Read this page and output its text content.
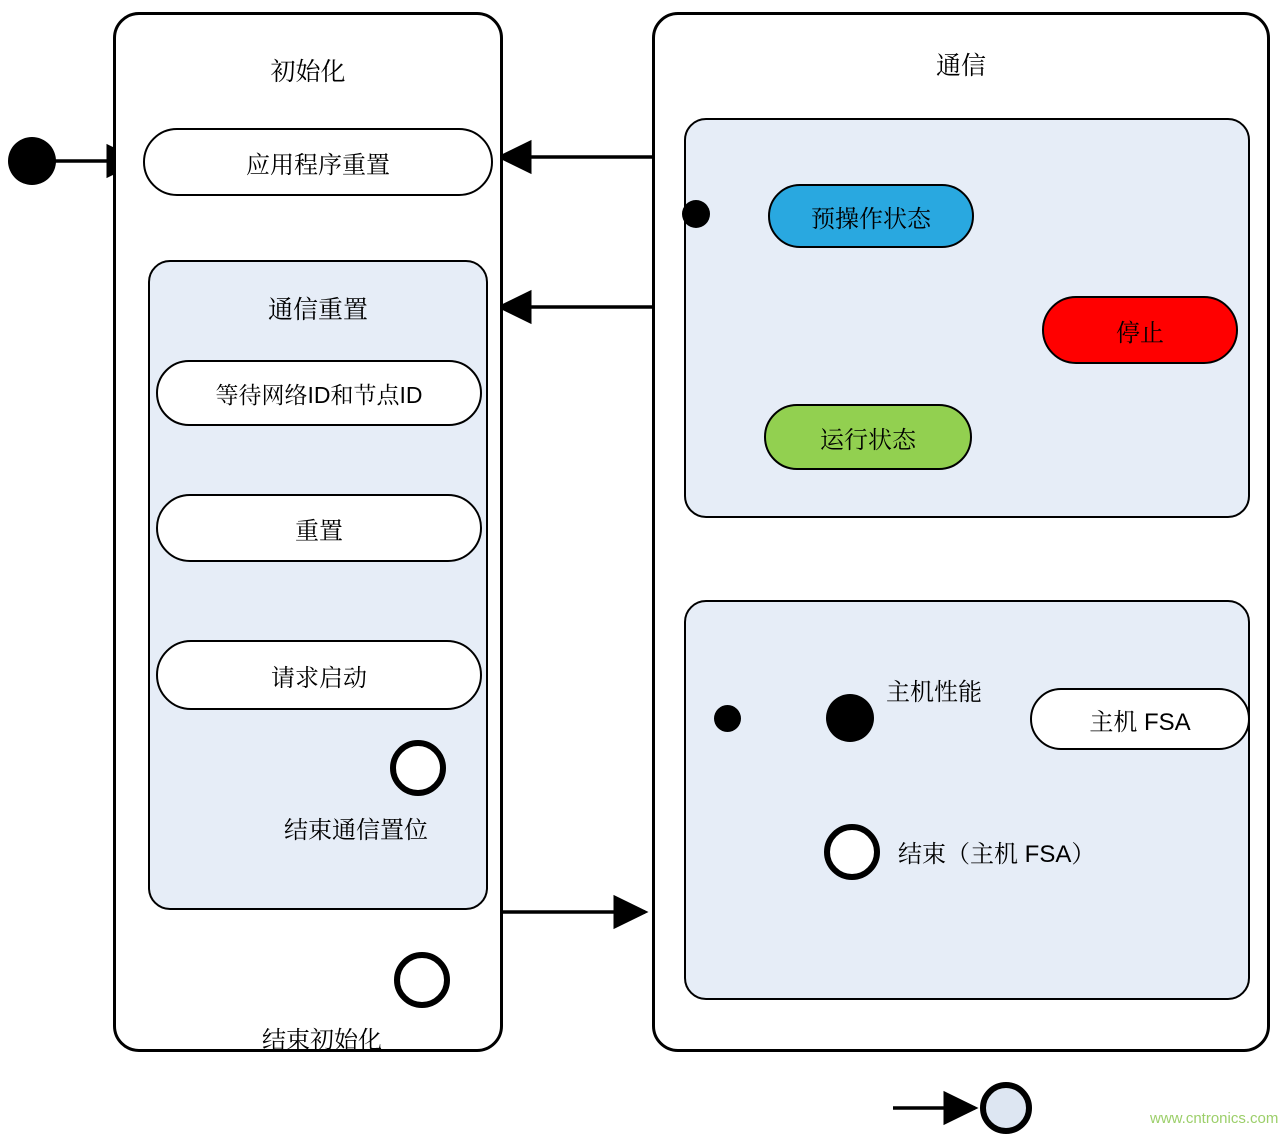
初始化
应用程序重置
通信重置
等待网络ID和节点ID
重置
请求启动
结束通信置位
结束初始化
通信
预操作状态
停止
运行状态
主机性能
主机 FSA
结束（主机 FSA）
www.cntronics.com
